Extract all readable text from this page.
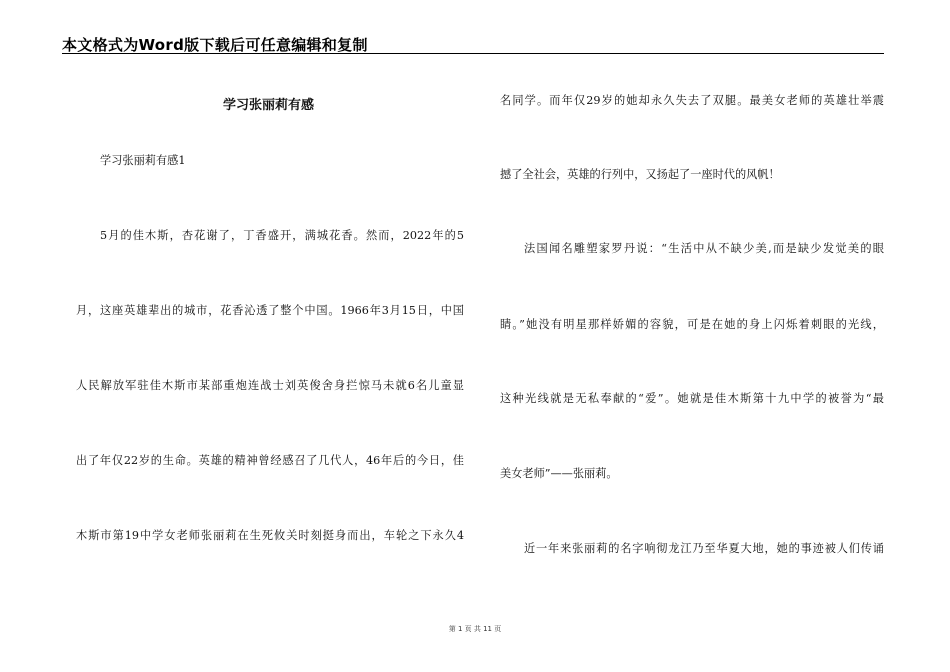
本文格式为Word版下载后可任意编辑和复制
学习张丽莉有感
学习张丽莉有感1
5月的佳木斯，杏花谢了，丁香盛开，满城花香。然而，2022年的5
月，这座英雄辈出的城市，花香沁透了整个中国。1966年3月15日，中国
人民解放军驻佳木斯市某部重炮连战士刘英俊舍身拦惊马未就6名儿童显
出了年仅22岁的生命。英雄的精神曾经感召了几代人，46年后的今日，佳
木斯市第19中学女老师张丽莉在生死攸关时刻挺身而出，车轮之下永久4
名同学。而年仅29岁的她却永久失去了双腿。最美女老师的英雄壮举震
撼了全社会，英雄的行列中，又扬起了一座时代的风帆！
法国闻名雕塑家罗丹说：“生活中从不缺少美,而是缺少发觉美的眼
睛。”她没有明星那样娇媚的容貌，可是在她的身上闪烁着刺眼的光线，
这种光线就是无私奉献的“爱”。她就是佳木斯第十九中学的被誉为“最
美女老师”——张丽莉。
近一年来张丽莉的名字响彻龙江乃至华夏大地，她的事迹被人们传诵
第 1 页 共 11 页
